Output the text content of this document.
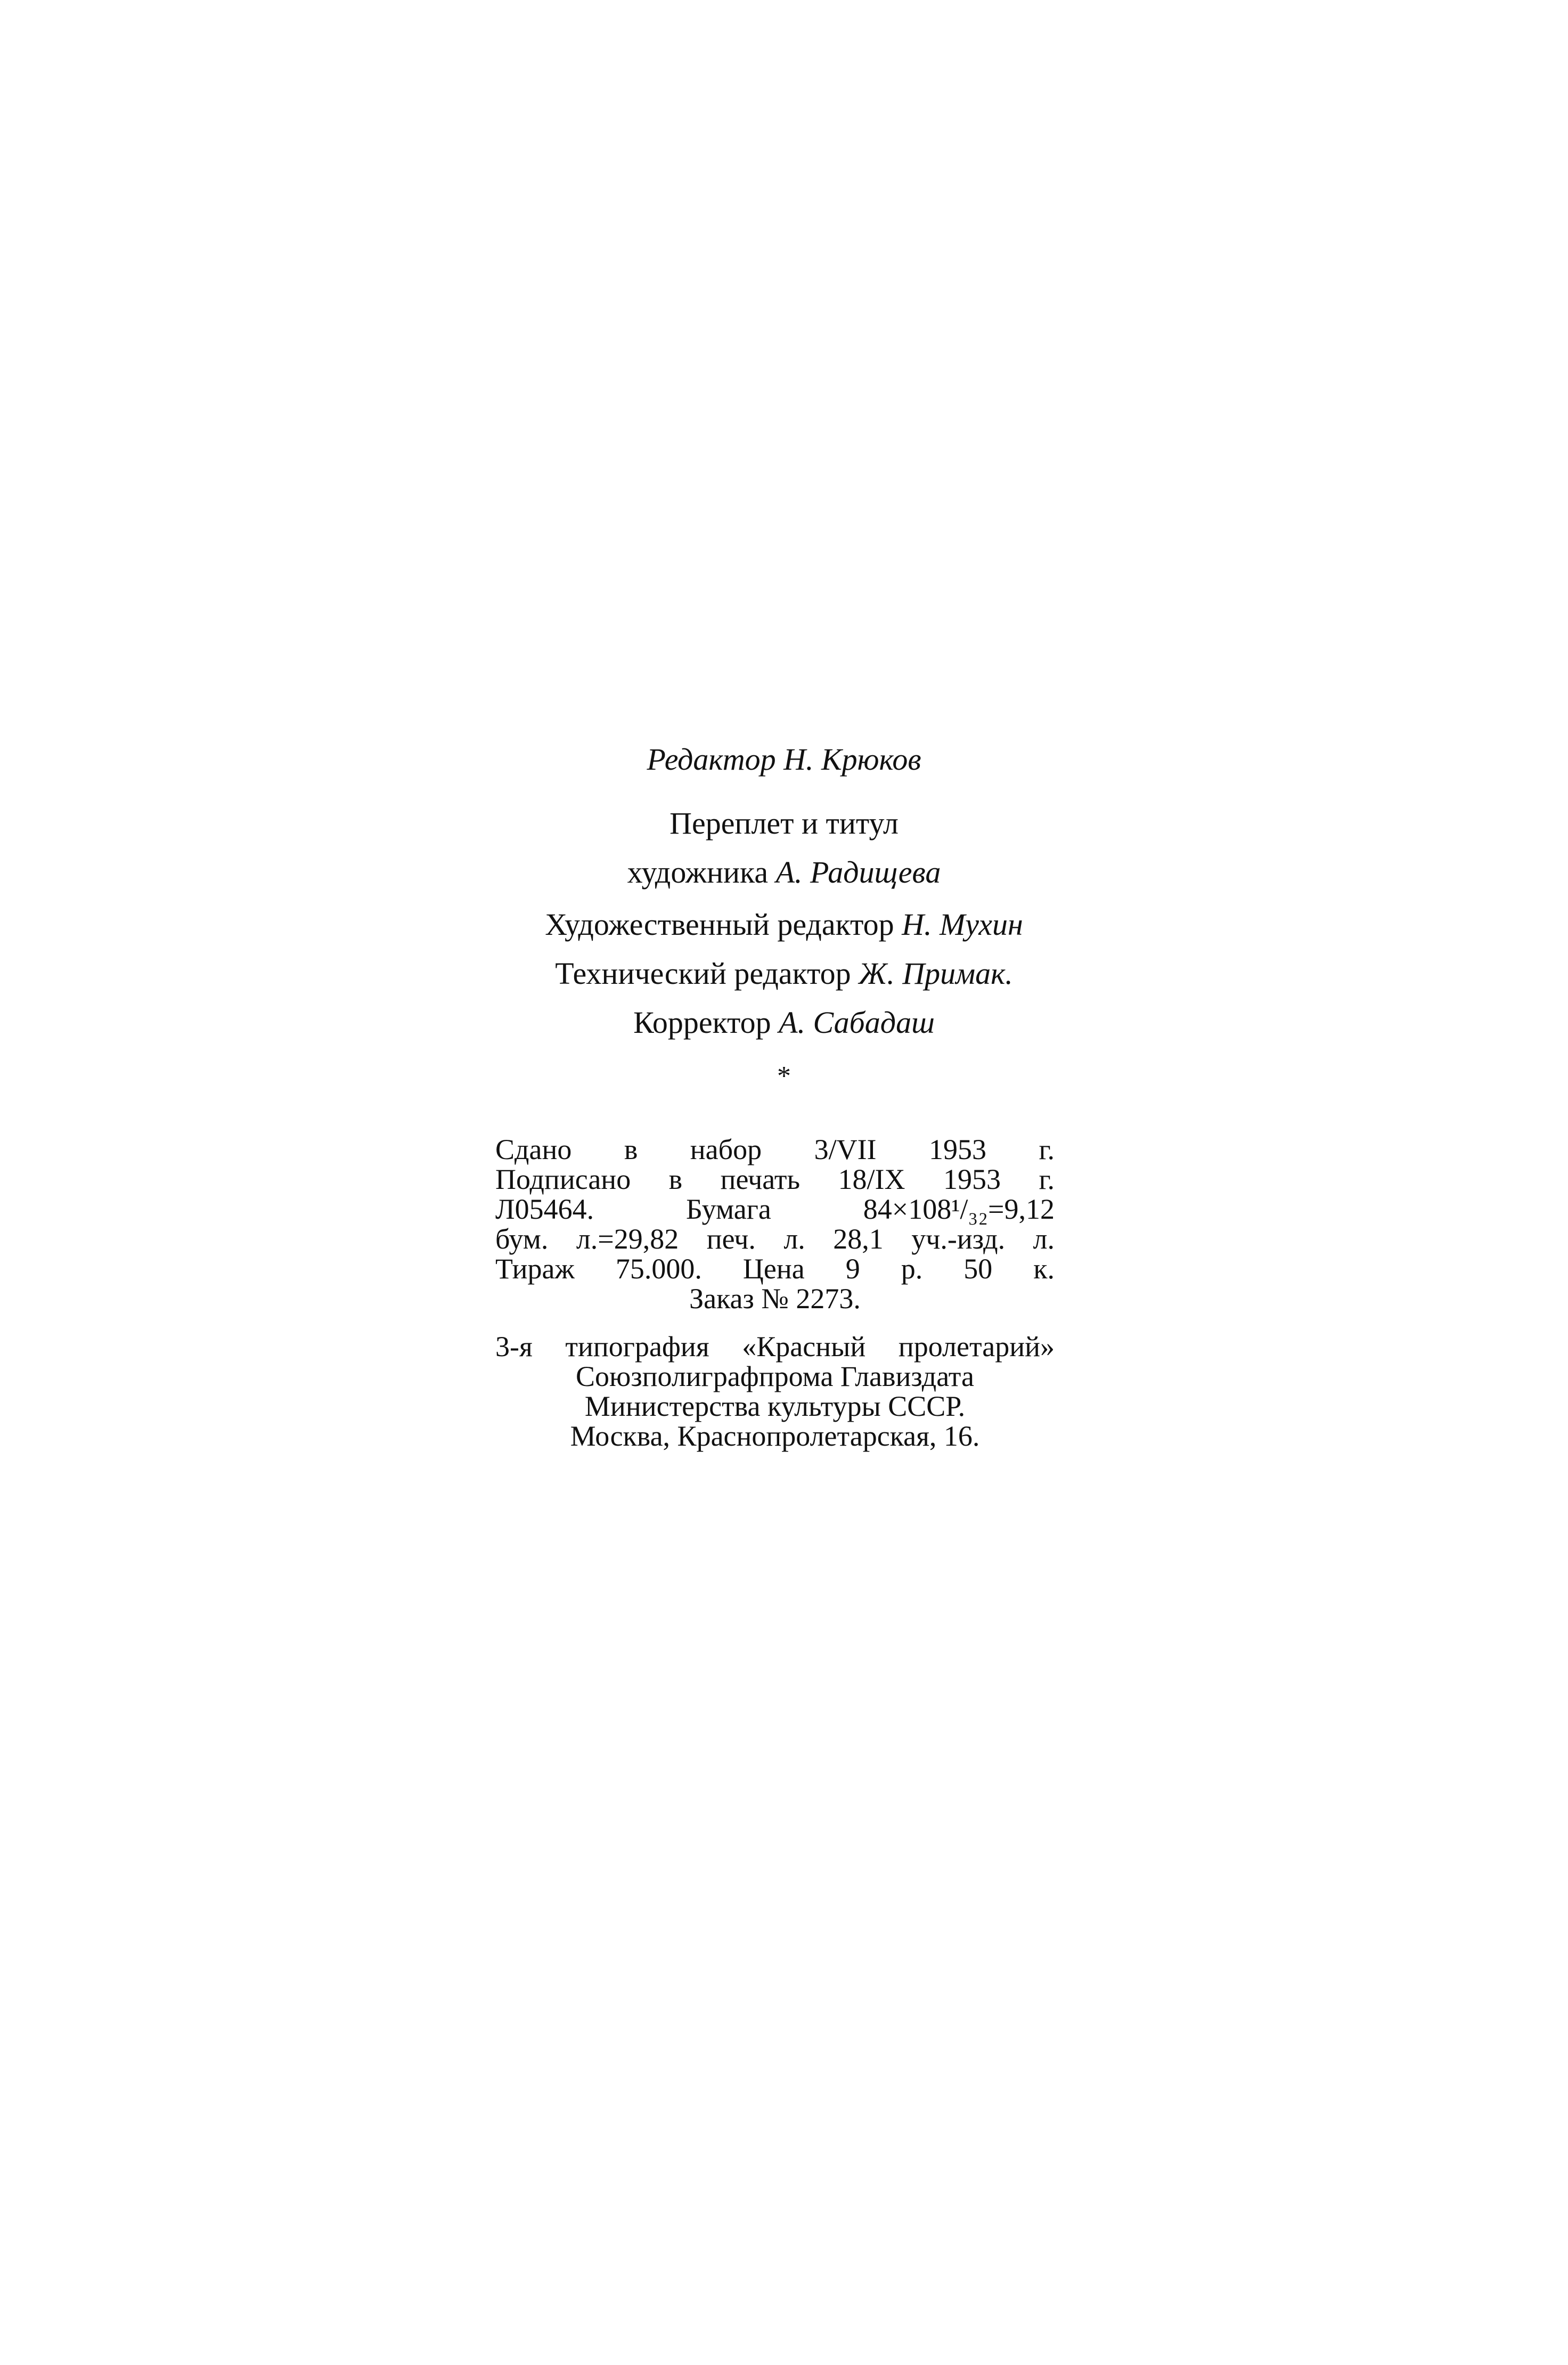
Редактор Н. Крюков
Переплет и титул
художника А. Радищева
Художественный редактор Н. Мухин
Технический редактор Ж. Примак.
Корректор А. Сабадаш
*
Сдано в набор 3/VII 1953 г.
Подписано в печать 18/IX 1953 г.
Л05464. Бумага 84×108¹/₃₂=9,12
бум. л.=29,82 печ. л. 28,1 уч.-изд. л.
Тираж 75.000. Цена 9 р. 50 к.
Заказ № 2273.
3-я типография «Красный пролетарий»
Союзполиграфпрома Главиздата
Министерства культуры СССР.
Москва, Краснопролетарская, 16.
